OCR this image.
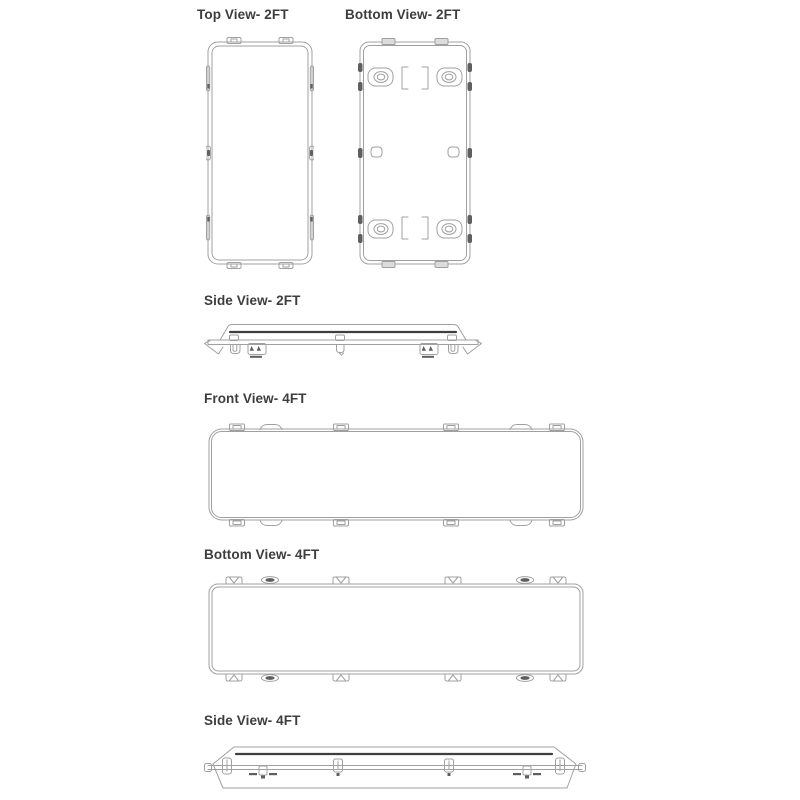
Top View- 2FT	Bottom View- 2FT
Side View- 2FT
Front View- 4FT
Bottom View- 4FT
Side View- 4FT
